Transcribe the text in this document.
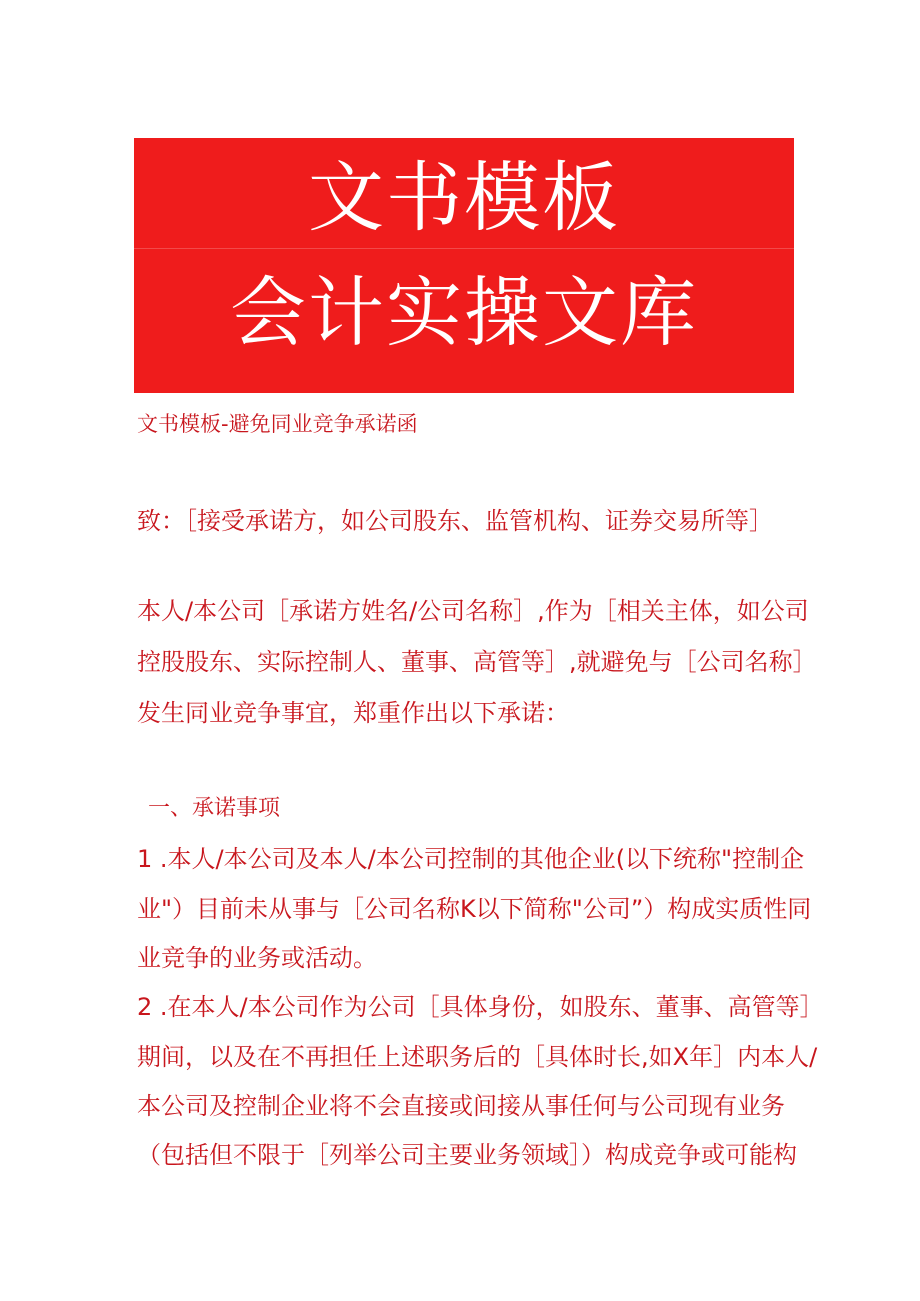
文书模板
会计实操文库
文书模板-避免同业竞争承诺函
致：［接受承诺方，如公司股东、监管机构、证券交易所等］
本人/本公司［承诺方姓名/公司名称］,作为［相关主体，如公司
控股股东、实际控制人、董事、高管等］,就避免与［公司名称］
发生同业竞争事宜，郑重作出以下承诺：
一、承诺事项
1 .本人/本公司及本人/本公司控制的其他企业(以下统称"控制企
业"）目前未从事与［公司名称K以下简称"公司”）构成实质性同
业竞争的业务或活动。
2 .在本人/本公司作为公司［具体身份，如股东、董事、高管等］
期间，以及在不再担任上述职务后的［具体时长,如X年］内本人/
本公司及控制企业将不会直接或间接从事任何与公司现有业务
（包括但不限于［列举公司主要业务领域］）构成竞争或可能构
